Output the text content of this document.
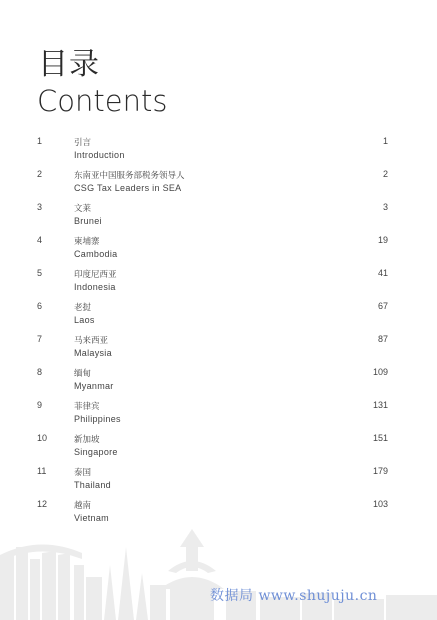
目录
Contents
1	引言
Introduction
1
2	东南亚中国服务部税务领导人
CSG Tax Leaders in SEA
2
3	文莱
Brunei
3
4	柬埔寨
Cambodia
19
5	印度尼西亚
Indonesia
41
6	老挝
Laos
67
7	马来西亚
Malaysia
87
8	缅甸
Myanmar
109
9	菲律宾
Philippines
131
10	新加坡
Singapore
151
11	泰国
Thailand
179
12	越南
Vietnam
103
数据局 www.shujuju.cn
